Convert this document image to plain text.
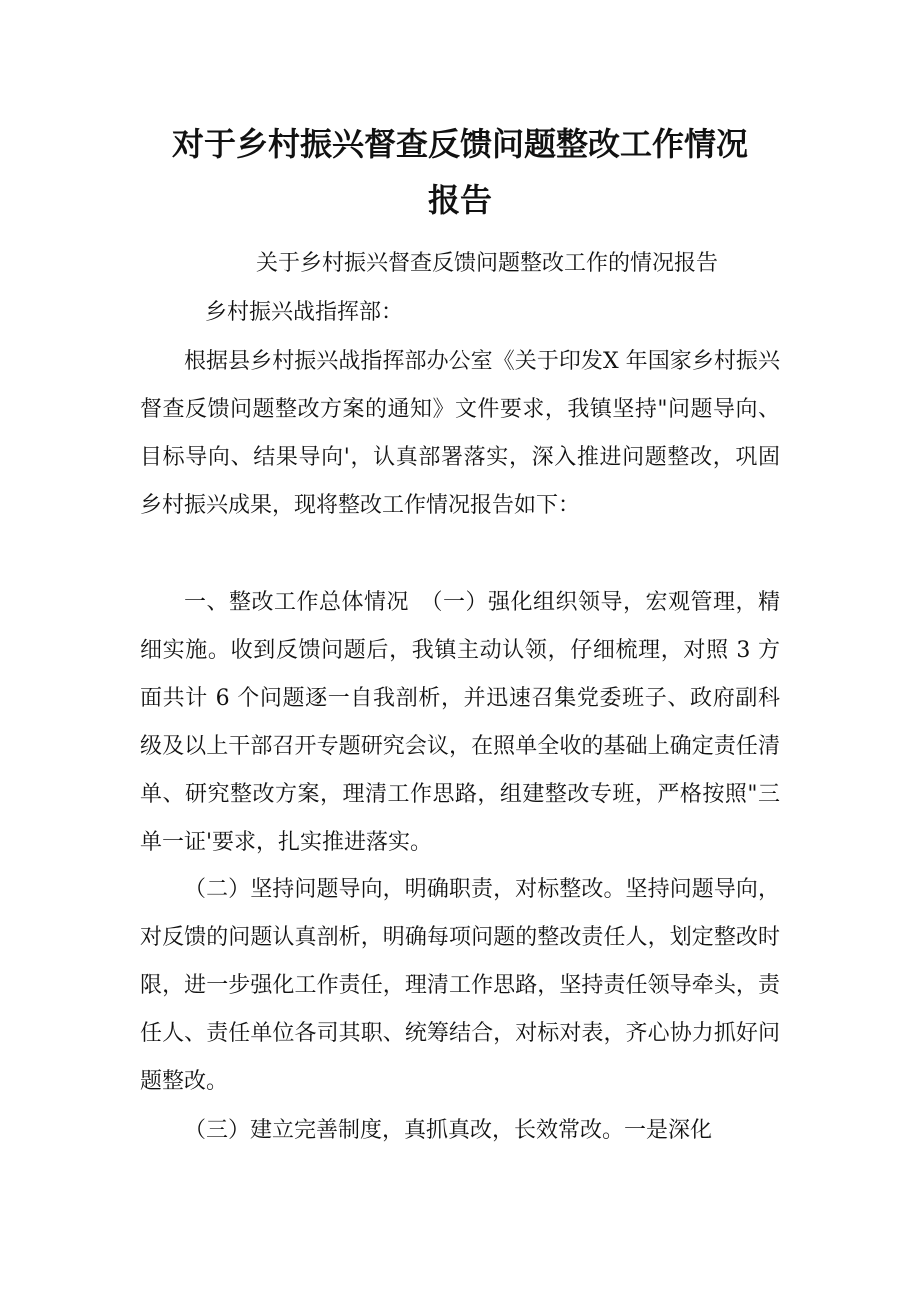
对于乡村振兴督查反馈问题整改工作情况
报告
关于乡村振兴督查反馈问题整改工作的情况报告
乡村振兴战指挥部：
根据县乡村振兴战指挥部办公室《关于印发X 年国家乡村振兴督查反馈问题整改方案的通知》文件要求，我镇坚持"问题导向、目标导向、结果导向'，认真部署落实，深入推进问题整改，巩固乡村振兴成果，现将整改工作情况报告如下：
一、整改工作总体情况　（一）强化组织领导，宏观管理，精细实施。收到反馈问题后，我镇主动认领，仔细梳理，对照 3 方面共计 6 个问题逐一自我剖析，并迅速召集党委班子、政府副科级及以上干部召开专题研究会议，在照单全收的基础上确定责任清单、研究整改方案，理清工作思路，组建整改专班，严格按照"三单一证'要求，扎实推进落实。
（二）坚持问题导向，明确职责，对标整改。坚持问题导向，对反馈的问题认真剖析，明确每项问题的整改责任人，划定整改时限，进一步强化工作责任，理清工作思路，坚持责任领导牵头，责任人、责任单位各司其职、统筹结合，对标对表，齐心协力抓好问题整改。
（三）建立完善制度，真抓真改，长效常改。一是深化
